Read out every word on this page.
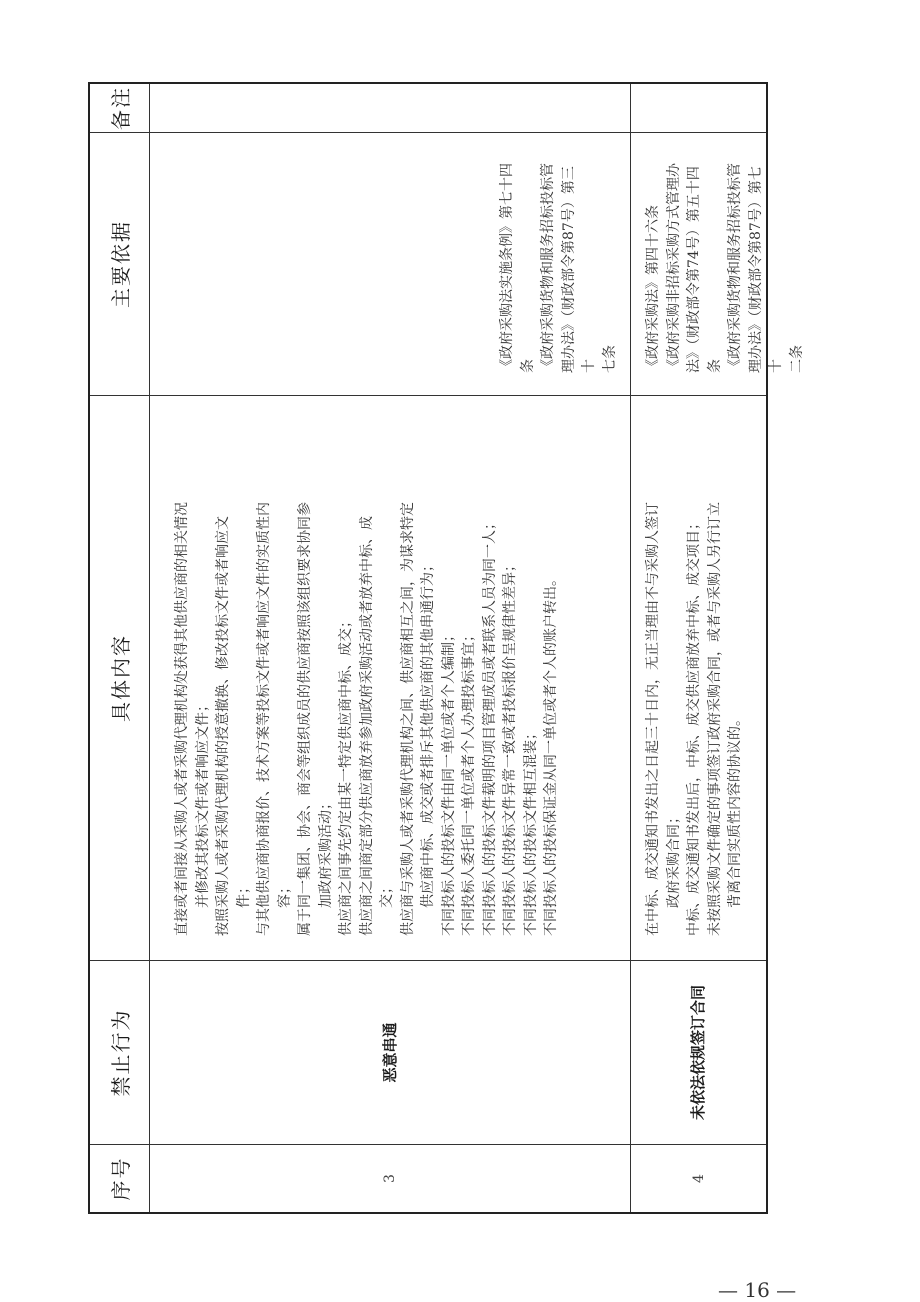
序号
禁止行为
具体内容
主要依据
备注
3
恶意串通
直接或者间接从采购人或者采购代理机构处获得其他供应商的相关情况 并修改其投标文件或者响应文件； 按照采购人或者采购代理机构的授意撤换、修改投标文件或者响应文 件； 与其他供应商协商报价、技术方案等投标文件或者响应文件的实质性内 容； 属于同一集团、协会、商会等组织成员的供应商按照该组织要求协同参 加政府采购活动； 供应商之间事先约定由某一特定供应商中标、成交； 供应商之间商定部分供应商放弃参加政府采购活动或者放弃中标、成 交； 供应商与采购人或者采购代理机构之间、供应商相互之间，为谋求特定 供应商中标、成交或者排斥其他供应商的其他串通行为； 不同投标人的投标文件由同一单位或者个人编制； 不同投标人委托同一单位或者个人办理投标事宜； 不同投标人的投标文件载明的项目管理成员或者联系人员为同一人； 不同投标人的投标文件异常一致或者投标报价呈规律性差异； 不同投标人的投标文件相互混装； 不同投标人的投标保证金从同一单位或者个人的账户转出。
《政府采购法实施条例》第七十四 条 《政府采购货物和服务招标投标管 理办法》（财政部令第87号）第三十 七条
4
未依法依规签订合同
在中标、成交通知书发出之日起三十日内，无正当理由不与采购人签订 政府采购合同； 中标、成交通知书发出后，中标、成交供应商放弃中标、成交项目； 未按照采购文件确定的事项签订政府采购合同，或者与采购人另行订立 背离合同实质性内容的协议的。
《政府采购法》第四十六条 《政府采购非招标采购方式管理办 法》（财政部令第74号）第五十四条 《政府采购货物和服务招标投标管 理办法》（财政部令第87号）第七十 二条
— 16 —
